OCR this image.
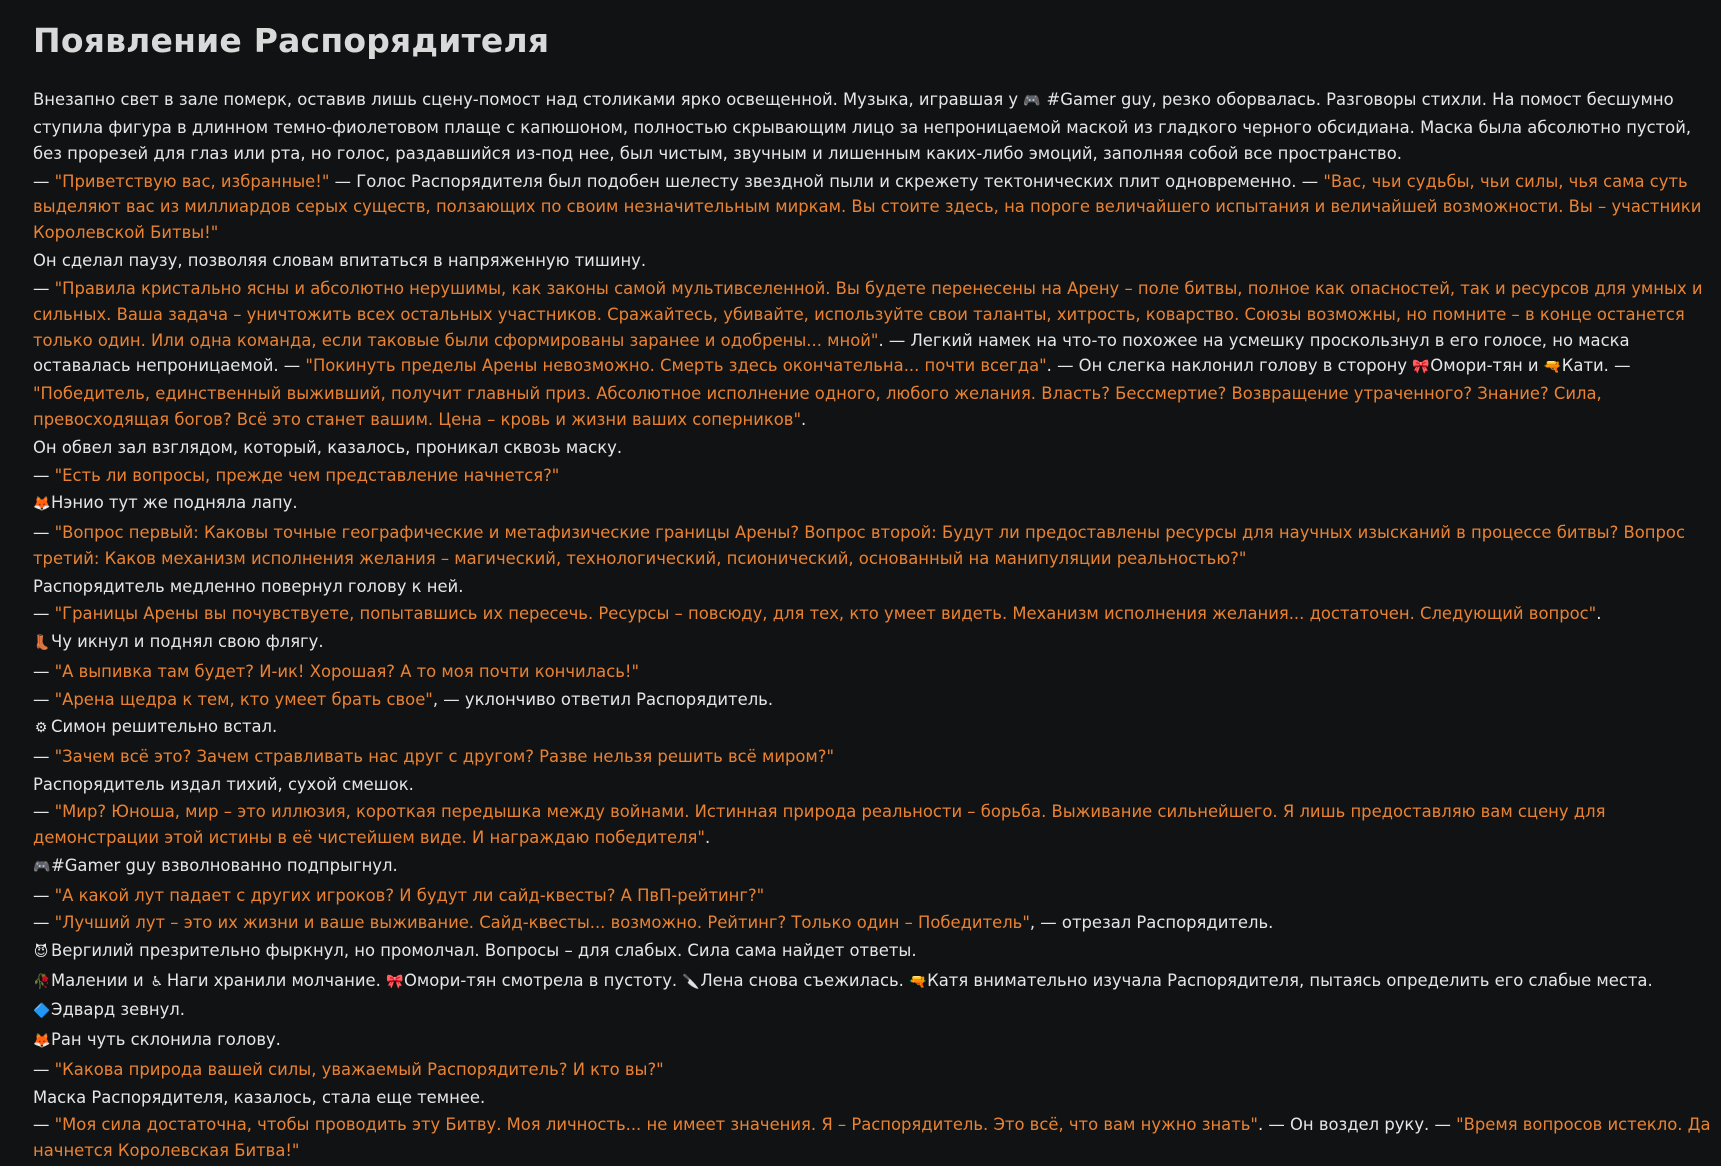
Появление Распорядителя

Внезапно свет в зале померк, оставив лишь сцену-помост над столиками ярко освещенной. Музыка, игравшая у 🎮 #Gamer guy, резко оборвалась. Разговоры стихли. На помост бесшумно ступила фигура в длинном темно-фиолетовом плаще с капюшоном, полностью скрывающим лицо за непроницаемой маской из гладкого черного обсидиана. Маска была абсолютно пустой, без прорезей для глаз или рта, но голос, раздавшийся из-под нее, был чистым, звучным и лишенным каких-либо эмоций, заполняя собой все пространство.

— "Приветствую вас, избранные!" — Голос Распорядителя был подобен шелесту звездной пыли и скрежету тектонических плит одновременно. — "Вас, чьи судьбы, чьи силы, чья сама суть выделяют вас из миллиардов серых существ, ползающих по своим незначительным миркам. Вы стоите здесь, на пороге величайшего испытания и величайшей возможности. Вы – участники Королевской Битвы!"

Он сделал паузу, позволяя словам впитаться в напряженную тишину.

— "Правила кристально ясны и абсолютно нерушимы, как законы самой мультивселенной. Вы будете перенесены на Арену – поле битвы, полное как опасностей, так и ресурсов для умных и сильных. Ваша задача – уничтожить всех остальных участников. Сражайтесь, убивайте, используйте свои таланты, хитрость, коварство. Союзы возможны, но помните – в конце останется только один. Или одна команда, если таковые были сформированы заранее и одобрены... мной". — Легкий намек на что-то похожее на усмешку проскользнул в его голосе, но маска оставалась непроницаемой. — "Покинуть пределы Арены невозможно. Смерть здесь окончательна... почти всегда". — Он слегка наклонил голову в сторону 🎀Омори-тян и 🔫Кати. — "Победитель, единственный выживший, получит главный приз. Абсолютное исполнение одного, любого желания. Власть? Бессмертие? Возвращение утраченного? Знание? Сила, превосходящая богов? Всё это станет вашим. Цена – кровь и жизни ваших соперников".

Он обвел зал взглядом, который, казалось, проникал сквозь маску.

— "Есть ли вопросы, прежде чем представление начнется?"

🦊Нэнио тут же подняла лапу.

— "Вопрос первый: Каковы точные географические и метафизические границы Арены? Вопрос второй: Будут ли предоставлены ресурсы для научных изысканий в процессе битвы? Вопрос третий: Каков механизм исполнения желания – магический, технологический, псионический, основанный на манипуляции реальностью?"

Распорядитель медленно повернул голову к ней.

— "Границы Арены вы почувствуете, попытавшись их пересечь. Ресурсы – повсюду, для тех, кто умеет видеть. Механизм исполнения желания... достаточен. Следующий вопрос".

👢Чу икнул и поднял свою флягу.

— "А выпивка там будет? И-ик! Хорошая? А то моя почти кончилась!"

— "Арена щедра к тем, кто умеет брать свое", — уклончиво ответил Распорядитель.

⚙ Симон решительно встал.

— "Зачем всё это? Зачем стравливать нас друг с другом? Разве нельзя решить всё миром?"

Распорядитель издал тихий, сухой смешок.

— "Мир? Юноша, мир – это иллюзия, короткая передышка между войнами. Истинная природа реальности – борьба. Выживание сильнейшего. Я лишь предоставляю вам сцену для демонстрации этой истины в её чистейшем виде. И награждаю победителя".

🎮#Gamer guy взволнованно подпрыгнул.

— "А какой лут падает с других игроков? И будут ли сайд-квесты? А ПвП-рейтинг?"

— "Лучший лут – это их жизни и ваше выживание. Сайд-квесты... возможно. Рейтинг? Только один – Победитель", — отрезал Распорядитель.

😈 Вергилий презрительно фыркнул, но промолчал. Вопросы – для слабых. Сила сама найдет ответы.

🥀Малении и ♿ Наги хранили молчание. 🎀Омори-тян смотрела в пустоту. 🔪Лена снова съежилась. 🔫Катя внимательно изучала Распорядителя, пытаясь определить его слабые места.

🔷Эдвард зевнул.

🦊Ран чуть склонила голову.

— "Какова природа вашей силы, уважаемый Распорядитель? И кто вы?"

Маска Распорядителя, казалось, стала еще темнее.

— "Моя сила достаточна, чтобы проводить эту Битву. Моя личность... не имеет значения. Я – Распорядитель. Это всё, что вам нужно знать". — Он воздел руку. — "Время вопросов истекло. Да начнется Королевская Битва!"
